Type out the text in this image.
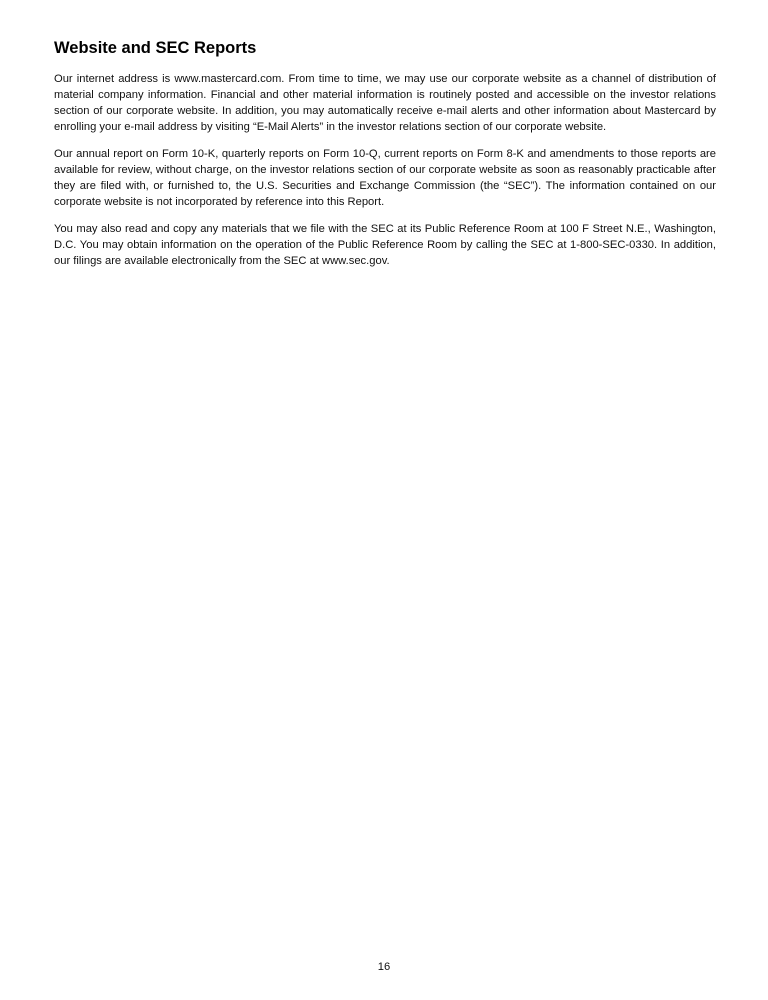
Website and SEC Reports

Our internet address is www.mastercard.com. From time to time, we may use our corporate website as a channel of distribution of material company information. Financial and other material information is routinely posted and accessible on the investor relations section of our corporate website. In addition, you may automatically receive e-mail alerts and other information about Mastercard by enrolling your e-mail address by visiting “E-Mail Alerts” in the investor relations section of our corporate website.

Our annual report on Form 10-K, quarterly reports on Form 10-Q, current reports on Form 8-K and amendments to those reports are available for review, without charge, on the investor relations section of our corporate website as soon as reasonably practicable after they are filed with, or furnished to, the U.S. Securities and Exchange Commission (the “SEC”). The information contained on our corporate website is not incorporated by reference into this Report.

You may also read and copy any materials that we file with the SEC at its Public Reference Room at 100 F Street N.E., Washington, D.C. You may obtain information on the operation of the Public Reference Room by calling the SEC at 1-800-SEC-0330. In addition, our filings are available electronically from the SEC at www.sec.gov.

16
